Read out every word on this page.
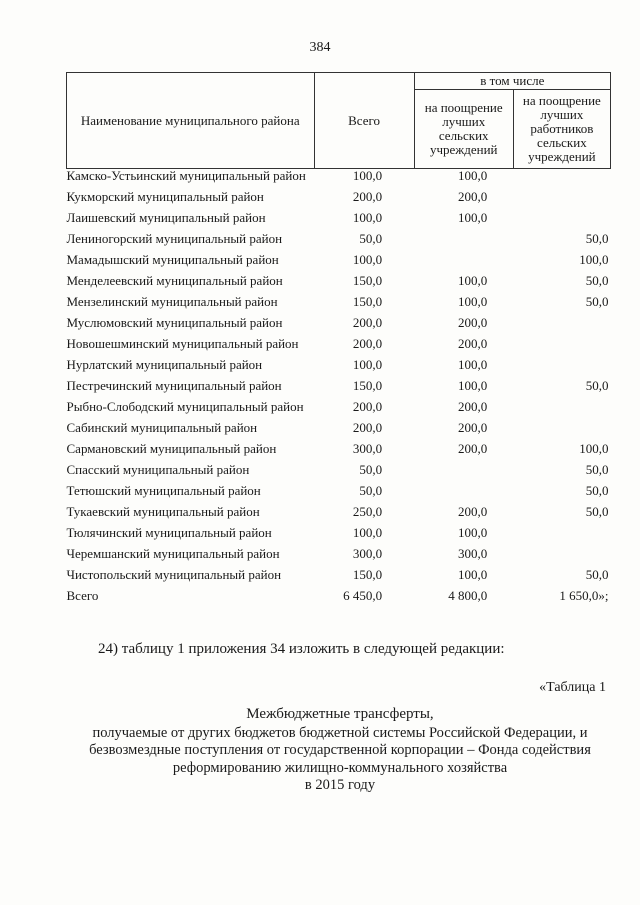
384
Наименование муниципального района	Всего	в том числе	
		на поощрение лучших сельских учреждений	на поощрение лучших работников сельских учреждений
Камско-Устьинский муниципальный район	100,0	100,0	
Кукморский муниципальный район	200,0	200,0	
Лаишевский муниципальный район	100,0	100,0	
Лениногорский муниципальный район	50,0		50,0
Мамадышский муниципальный район	100,0		100,0
Менделеевский муниципальный район	150,0	100,0	50,0
Мензелинский муниципальный район	150,0	100,0	50,0
Муслюмовский муниципальный район	200,0	200,0	
Новошешминский муниципальный район	200,0	200,0	
Нурлатский муниципальный район	100,0	100,0	
Пестречинский муниципальный район	150,0	100,0	50,0
Рыбно-Слободский муниципальный район	200,0	200,0	
Сабинский муниципальный район	200,0	200,0	
Сармановский муниципальный район	300,0	200,0	100,0
Спасский муниципальный район	50,0		50,0
Тетюшский муниципальный район	50,0		50,0
Тукаевский муниципальный район	250,0	200,0	50,0
Тюлячинский муниципальный район	100,0	100,0	
Черемшанский муниципальный район	300,0	300,0	
Чистопольский муниципальный район	150,0	100,0	50,0
Всего	6 450,0	4 800,0	1 650,0»;
24) таблицу 1 приложения 34 изложить в следующей редакции:
«Таблица 1
Межбюджетные трансферты,
получаемые от других бюджетов бюджетной системы Российской Федерации, и
безвозмездные поступления от государственной корпорации – Фонда содействия
реформированию жилищно-коммунального хозяйства
в 2015 году
